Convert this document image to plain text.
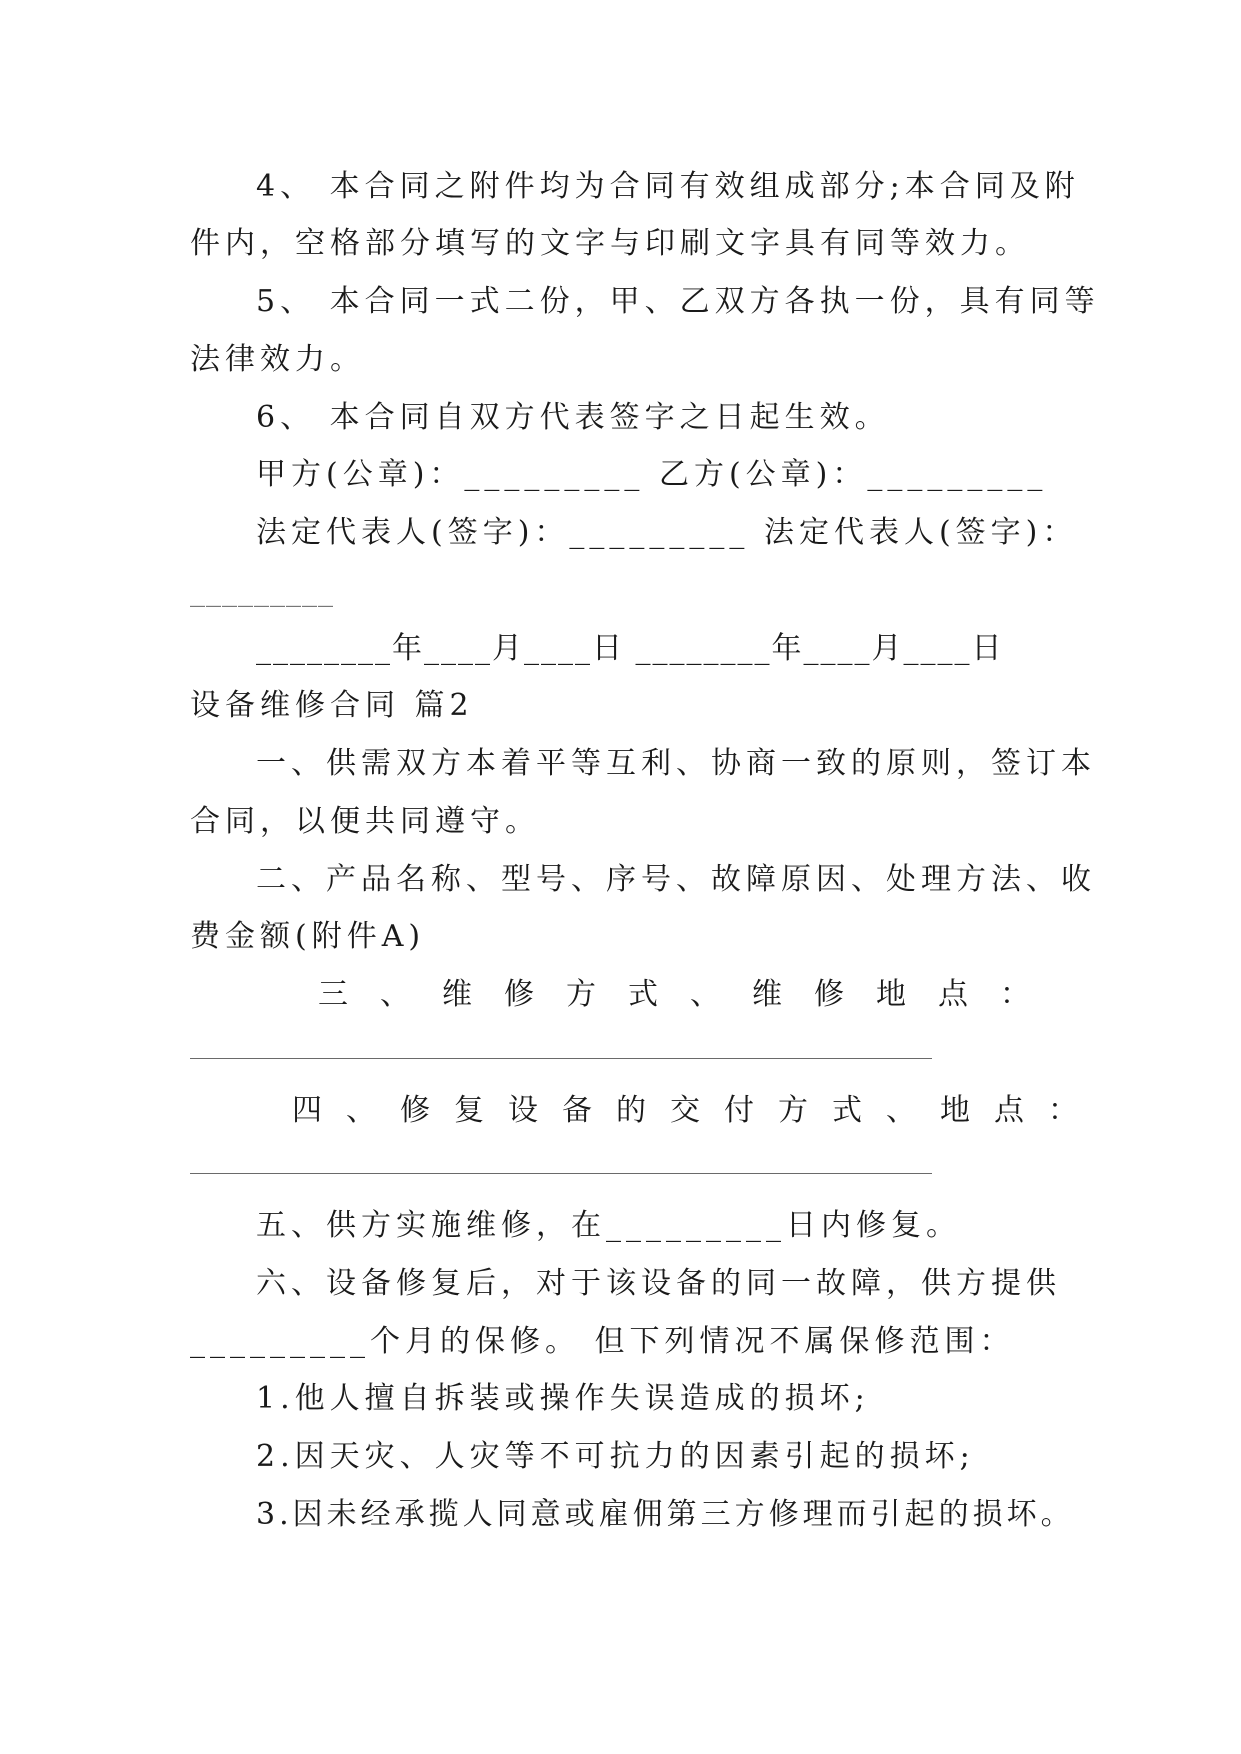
4、 本合同之附件均为合同有效组成部分;本合同及附
件内，空格部分填写的文字与印刷文字具有同等效力。
5、 本合同一式二份，甲、乙双方各执一份，具有同等
法律效力。
6、 本合同自双方代表签字之日起生效。
甲方(公章)：_________ 乙方(公章)：_________
法定代表人(签字)：_________ 法定代表人(签字)：
_________
________年____月____日 ________年____月____日
设备维修合同 篇2
一、供需双方本着平等互利、协商一致的原则，签订本
合同，以便共同遵守。
二、产品名称、型号、序号、故障原因、处理方法、收
费金额(附件A)
三、维修方式、维修地点：
四、修复设备的交付方式、地点：
五、供方实施维修，在_________日内修复。
六、设备修复后，对于该设备的同一故障，供方提供
_________个月的保修。 但下列情况不属保修范围：
1.他人擅自拆装或操作失误造成的损坏;
2.因天灾、人灾等不可抗力的因素引起的损坏;
3.因未经承揽人同意或雇佣第三方修理而引起的损坏。
